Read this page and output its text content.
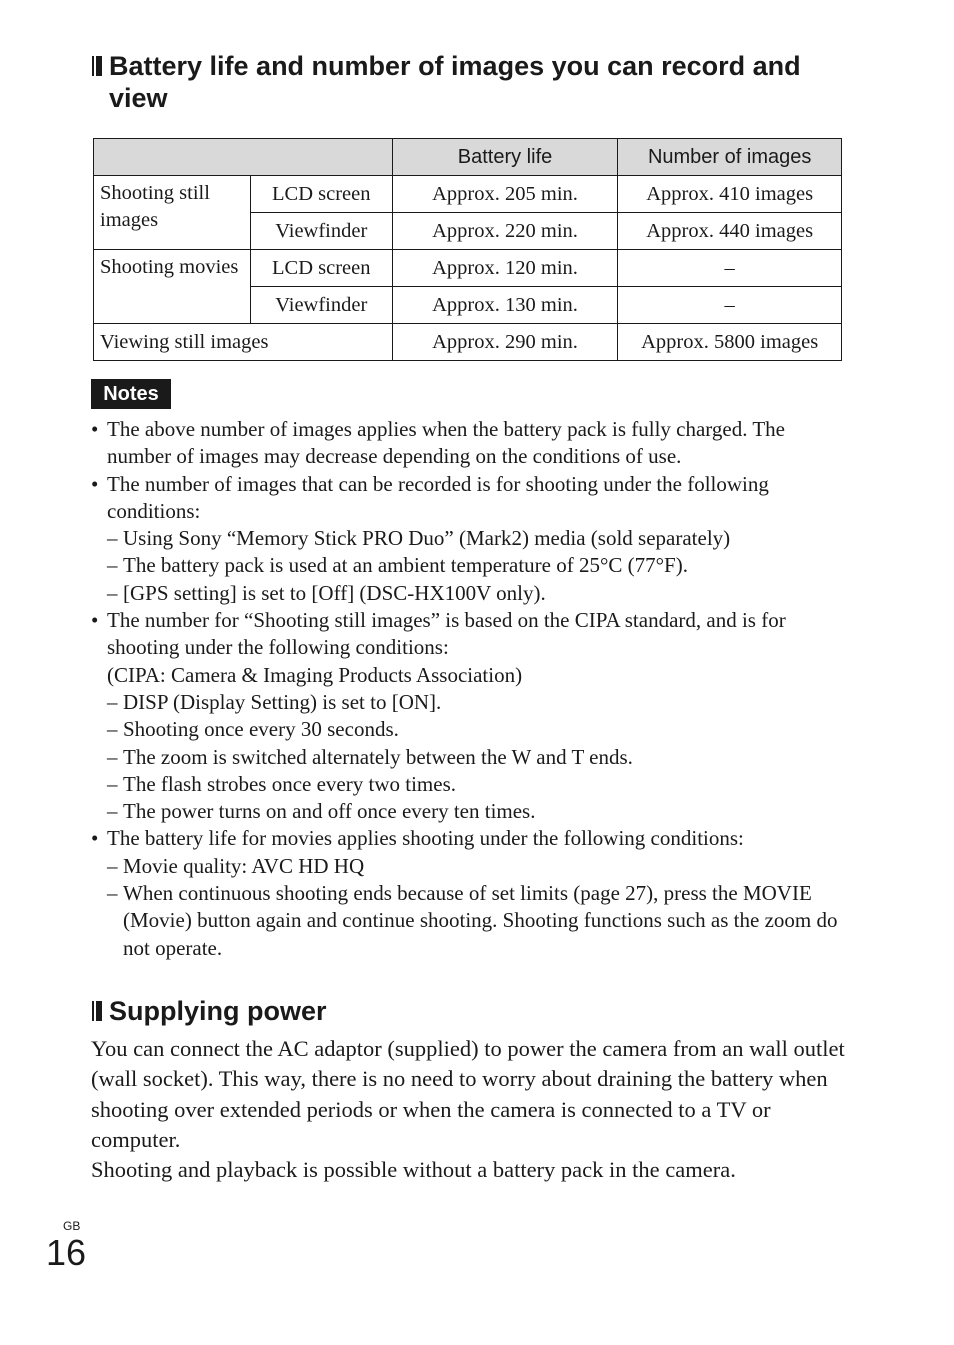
Battery life and number of images you can record and view
		Battery life	Number of images
Shooting still images	LCD screen	Approx. 205 min.	Approx. 410 images
	Viewfinder	Approx. 220 min.	Approx. 440 images
Shooting movies	LCD screen	Approx. 120 min.	–
	Viewfinder	Approx. 130 min.	–
Viewing still images		Approx. 290 min.	Approx. 5800 images
Notes
• The above number of images applies when the battery pack is fully charged. The number of images may decrease depending on the conditions of use.
• The number of images that can be recorded is for shooting under the following conditions:
– Using Sony “Memory Stick PRO Duo” (Mark2) media (sold separately)
– The battery pack is used at an ambient temperature of 25°C (77°F).
– [GPS setting] is set to [Off] (DSC-HX100V only).
• The number for “Shooting still images” is based on the CIPA standard, and is for shooting under the following conditions:
(CIPA: Camera & Imaging Products Association)
– DISP (Display Setting) is set to [ON].
– Shooting once every 30 seconds.
– The zoom is switched alternately between the W and T ends.
– The flash strobes once every two times.
– The power turns on and off once every ten times.
• The battery life for movies applies shooting under the following conditions:
– Movie quality: AVC HD HQ
– When continuous shooting ends because of set limits (page 27), press the MOVIE (Movie) button again and continue shooting. Shooting functions such as the zoom do not operate.
Supplying power
You can connect the AC adaptor (supplied) to power the camera from an wall outlet (wall socket). This way, there is no need to worry about draining the battery when shooting over extended periods or when the camera is connected to a TV or computer.
Shooting and playback is possible without a battery pack in the camera.
GB
16
